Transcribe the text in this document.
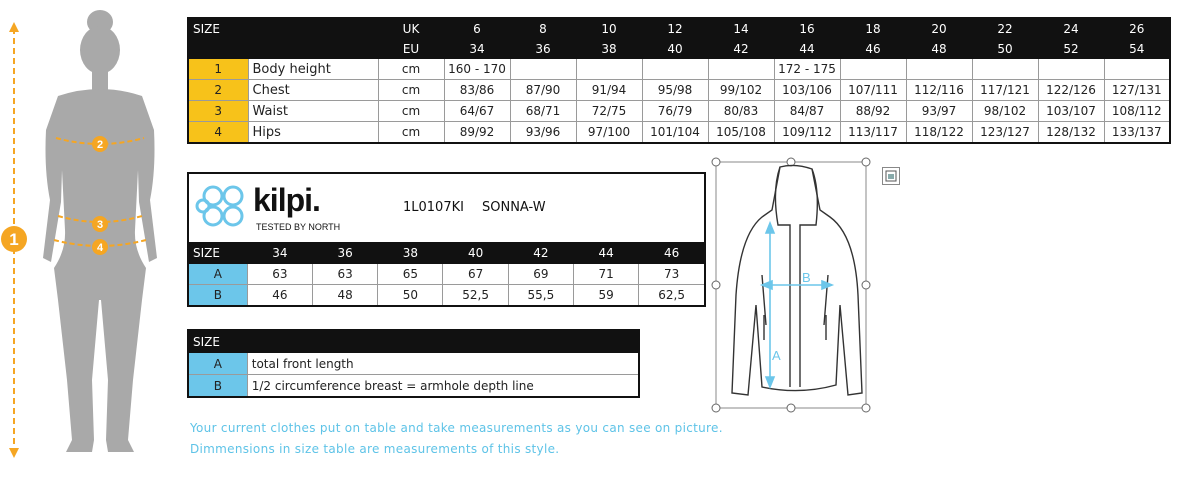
2
3
4
1
SIZE		UK	6	8	10	12	14	16	18	20	22	24	26
		EU	34	36	38	40	42	44	46	48	50	52	54
1	Body height	cm	160 - 170					172 - 175					
2	Chest	cm	83/86	87/90	91/94	95/98	99/102	103/106	107/111	112/116	117/121	122/126	127/131
3	Waist	cm	64/67	68/71	72/75	76/79	80/83	84/87	88/92	93/97	98/102	103/107	108/112
4	Hips	cm	89/92	93/96	97/100	101/104	105/108	109/112	113/117	118/122	123/127	128/132	133/137
kilpi.
TESTED BY NORTH
1L0107KI SONNA-W							

SIZE	34	36	38	40	42	44	46
A	63	63	65	67	69	71	73
B	46	48	50	52,5	55,5	59	62,5
SIZE	
A	total front length
B	1/2 circumference breast = armhole depth line
A
B
Your current clothes put on table and take measurements as you can see on picture.
Dimmensions in size table are measurements of this style.
